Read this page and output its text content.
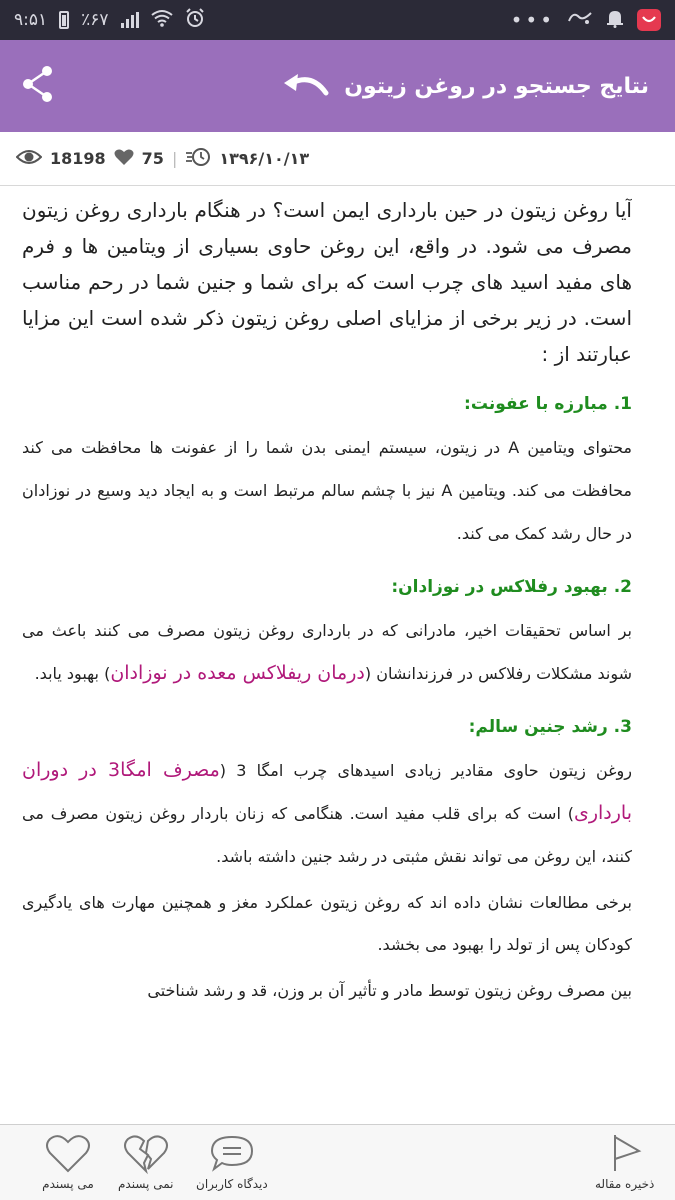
۹:۵۱ ٪۶۷	•••
نتایج جستجو در روغن زیتون
18198 75 |	۱۳۹۶/۱۰/۱۳

آیا روغن زیتون در حین بارداری ایمن است؟ در هنگام بارداری روغن زیتون مصرف می شود. در واقع، این روغن حاوی بسیاری از ویتامین ها و فرم های مفید اسید های چرب است که برای شما و جنین شما در رحم مناسب است. در زیر برخی از مزایای اصلی روغن زیتون ذکر شده است این مزایا عبارتند از :

1. مبارزه با عفونت:

محتوای ویتامین A در زیتون، سیستم ایمنی بدن شما را از عفونت ها محافظت می کند محافظت می کند. ویتامین A نیز با چشم سالم مرتبط است و به ایجاد دید وسیع در نوزادان در حال رشد کمک می کند.

2. بهبود رفلاکس در نوزادان:

بر اساس تحقیقات اخیر، مادرانی که در بارداری روغن زیتون مصرف می کنند باعث می شوند مشکلات رفلاکس در فرزندانشان (درمان ریفلاکس معده در نوزادان) بهبود یابد.

3. رشد جنین سالم:

روغن زیتون حاوی مقادیر زیادی اسیدهای چرب امگا 3 (مصرف امگا3 در دوران بارداری) است که برای قلب مفید است. هنگامی که زنان باردار روغن زیتون مصرف می کنند، این روغن می تواند نقش مثبتی در رشد جنین داشته باشد.

برخی مطالعات نشان داده اند که روغن زیتون عملکرد مغز و همچنین مهارت های یادگیری کودکان پس از تولد را بهبود می بخشد.

بین مصرف روغن زیتون توسط مادر و تأثیر آن بر وزن، قد و رشد شناختی

ذخیره مقاله
دیدگاه کاربران
نمی پسندم
می پسندم
